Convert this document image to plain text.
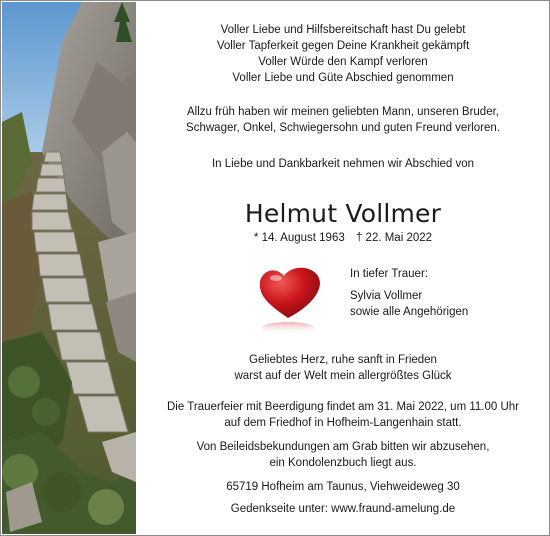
Voller Liebe und Hilfsbereitschaft hast Du gelebt
Voller Tapferkeit gegen Deine Krankheit gekämpft
Voller Würde den Kampf verloren
Voller Liebe und Güte Abschied genommen
Allzu früh haben wir meinen geliebten Mann, unseren Bruder,
Schwager, Onkel, Schwiegersohn und guten Freund verloren.
In Liebe und Dankbarkeit nehmen wir Abschied von
Helmut Vollmer
* 14. August 1963 † 22. Mai 2022
In tiefer Trauer:
Sylvia Vollmer
sowie alle Angehörigen
Geliebtes Herz, ruhe sanft in Frieden
warst auf der Welt mein allergrößtes Glück
Die Trauerfeier mit Beerdigung findet am 31. Mai 2022, um 11.00 Uhr
auf dem Friedhof in Hofheim-Langenhain statt.
Von Beileidsbekundungen am Grab bitten wir abzusehen,
ein Kondolenzbuch liegt aus.
65719 Hofheim am Taunus, Viehweideweg 30
Gedenkseite unter: www.fraund-amelung.de
